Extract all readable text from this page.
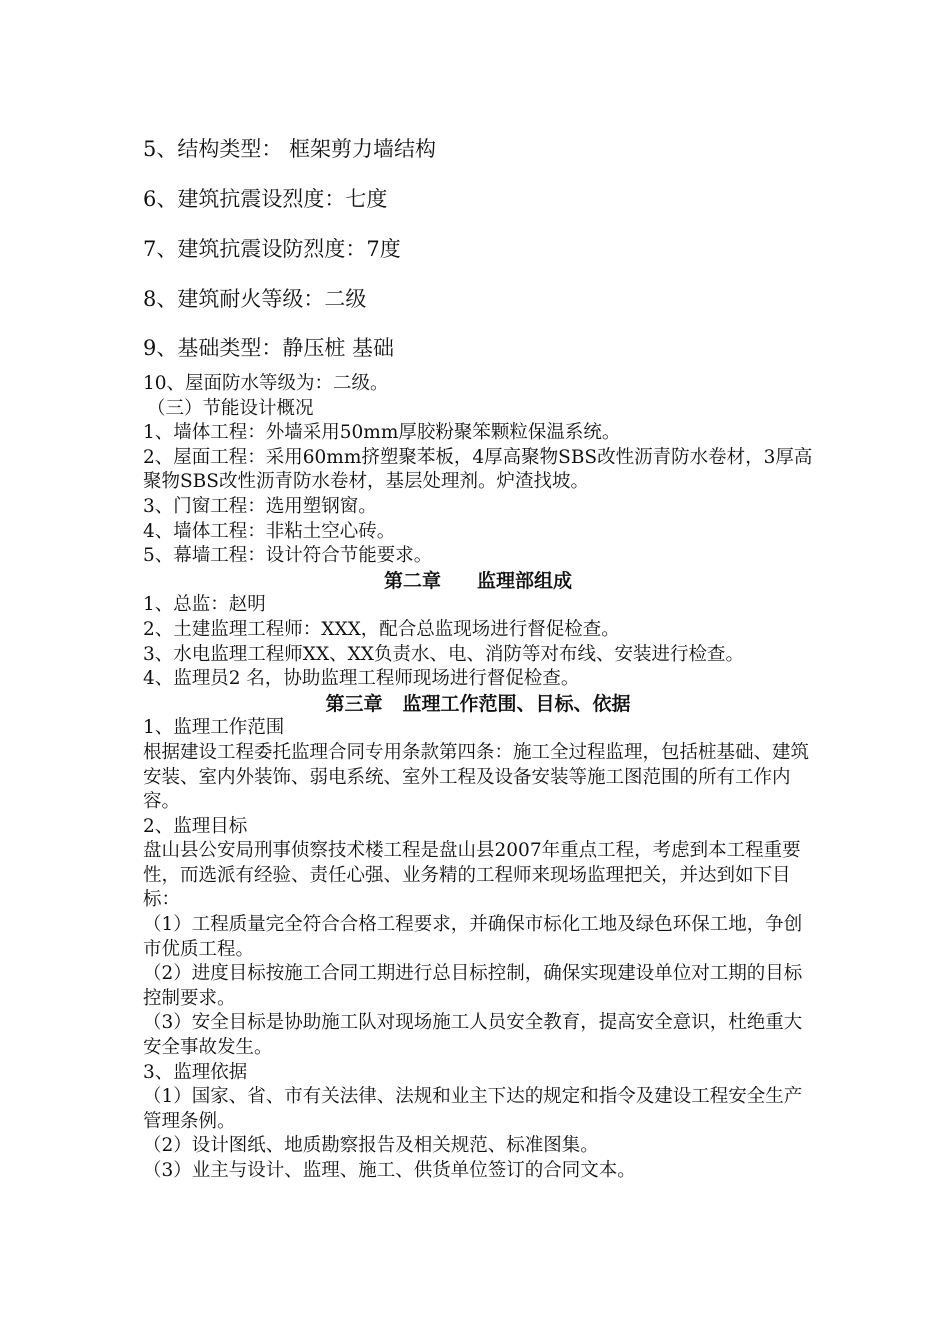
5、结构类型： 框架剪力墙结构
6、建筑抗震设烈度：七度
7、建筑抗震设防烈度：7度
8、建筑耐火等级：二级
9、基础类型：静压桩 基础

10、屋面防水等级为：二级。

（三）节能设计概况

1、墙体工程：外墙采用50mm厚胶粉聚笨颗粒保温系统。

2、屋面工程：采用60mm挤塑聚苯板，4厚高聚物SBS改性沥青防水卷材，3厚高聚物SBS改性沥青防水卷材，基层处理剂。炉渣找坡。

3、门窗工程：选用塑钢窗。

4、墙体工程：非粘土空心砖。

5、幕墙工程：设计符合节能要求。

第二章 监理部组成

1、总监：赵明

2、土建监理工程师：XXX，配合总监现场进行督促检查。

3、水电监理工程师XX、XX负责水、电、消防等对布线、安装进行检查。

4、监理员2 名，协助监理工程师现场进行督促检查。

第三章 监理工作范围、目标、依据

1、监理工作范围

根据建设工程委托监理合同专用条款第四条：施工全过程监理，包括桩基础、建筑安装、室内外装饰、弱电系统、室外工程及设备安装等施工图范围的所有工作内容。

2、监理目标

盘山县公安局刑事侦察技术楼工程是盘山县2007年重点工程，考虑到本工程重要性，而选派有经验、责任心强、业务精的工程师来现场监理把关，并达到如下目标：

（1）工程质量完全符合合格工程要求，并确保市标化工地及绿色环保工地，争创市优质工程。

（2）进度目标按施工合同工期进行总目标控制，确保实现建设单位对工期的目标控制要求。

（3）安全目标是协助施工队对现场施工人员安全教育，提高安全意识，杜绝重大安全事故发生。

3、监理依据

（1）国家、省、市有关法律、法规和业主下达的规定和指令及建设工程安全生产管理条例。

（2）设计图纸、地质勘察报告及相关规范、标准图集。

（3）业主与设计、监理、施工、供货单位签订的合同文本。
